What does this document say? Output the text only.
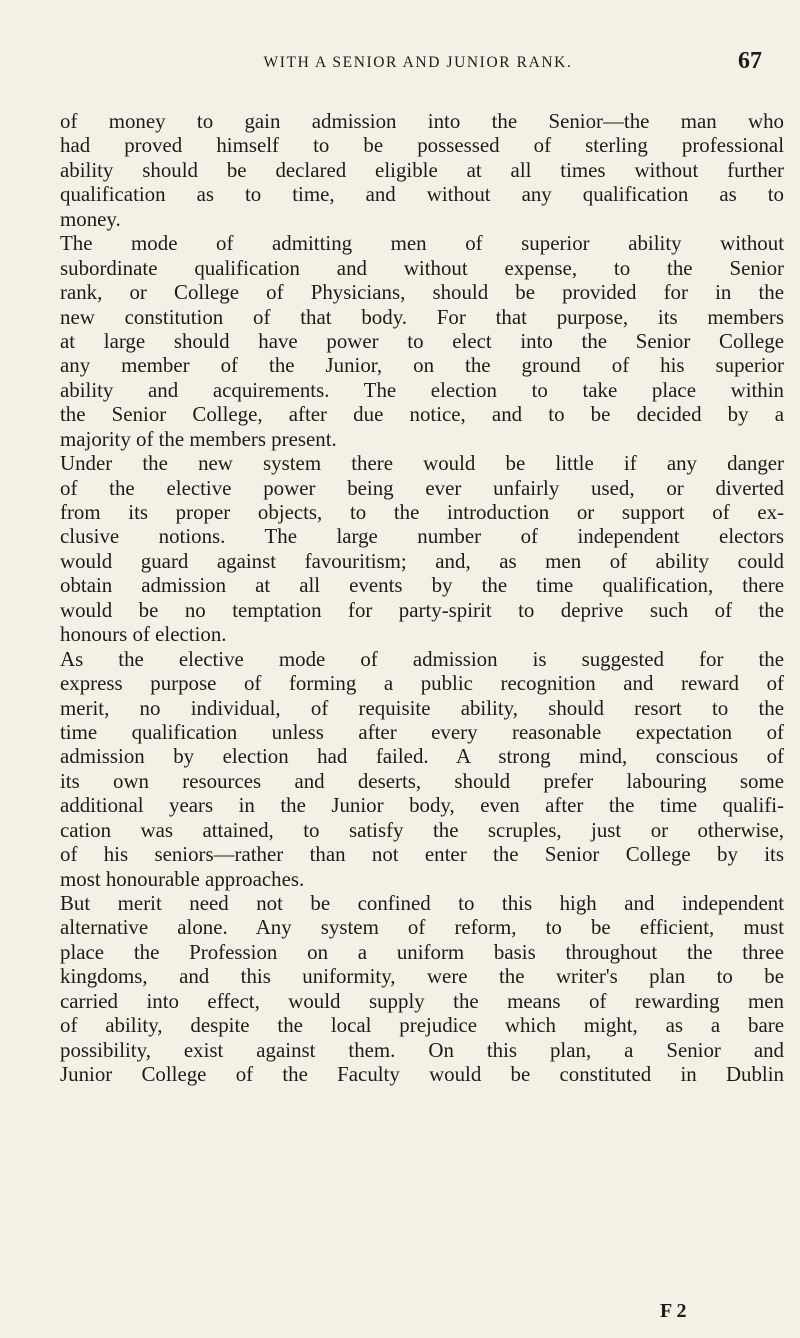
WITH A SENIOR AND JUNIOR RANK.	67
of money to gain admission into the Senior—the man who
had proved himself to be possessed of sterling professional
ability should be declared eligible at all times without further
qualification as to time, and without any qualification as to
money.
The mode of admitting men of superior ability without
subordinate qualification and without expense, to the Senior
rank, or College of Physicians, should be provided for in the
new constitution of that body. For that purpose, its members
at large should have power to elect into the Senior College
any member of the Junior, on the ground of his superior
ability and acquirements. The election to take place within
the Senior College, after due notice, and to be decided by a
majority of the members present.
Under the new system there would be little if any danger
of the elective power being ever unfairly used, or diverted
from its proper objects, to the introduction or support of ex-
clusive notions. The large number of independent electors
would guard against favouritism; and, as men of ability could
obtain admission at all events by the time qualification, there
would be no temptation for party-spirit to deprive such of the
honours of election.
As the elective mode of admission is suggested for the
express purpose of forming a public recognition and reward of
merit, no individual, of requisite ability, should resort to the
time qualification unless after every reasonable expectation of
admission by election had failed. A strong mind, conscious of
its own resources and deserts, should prefer labouring some
additional years in the Junior body, even after the time qualifi-
cation was attained, to satisfy the scruples, just or otherwise,
of his seniors—rather than not enter the Senior College by its
most honourable approaches.
But merit need not be confined to this high and independent
alternative alone. Any system of reform, to be efficient, must
place the Profession on a uniform basis throughout the three
kingdoms, and this uniformity, were the writer's plan to be
carried into effect, would supply the means of rewarding men
of ability, despite the local prejudice which might, as a bare
possibility, exist against them. On this plan, a Senior and
Junior College of the Faculty would be constituted in Dublin
F 2
